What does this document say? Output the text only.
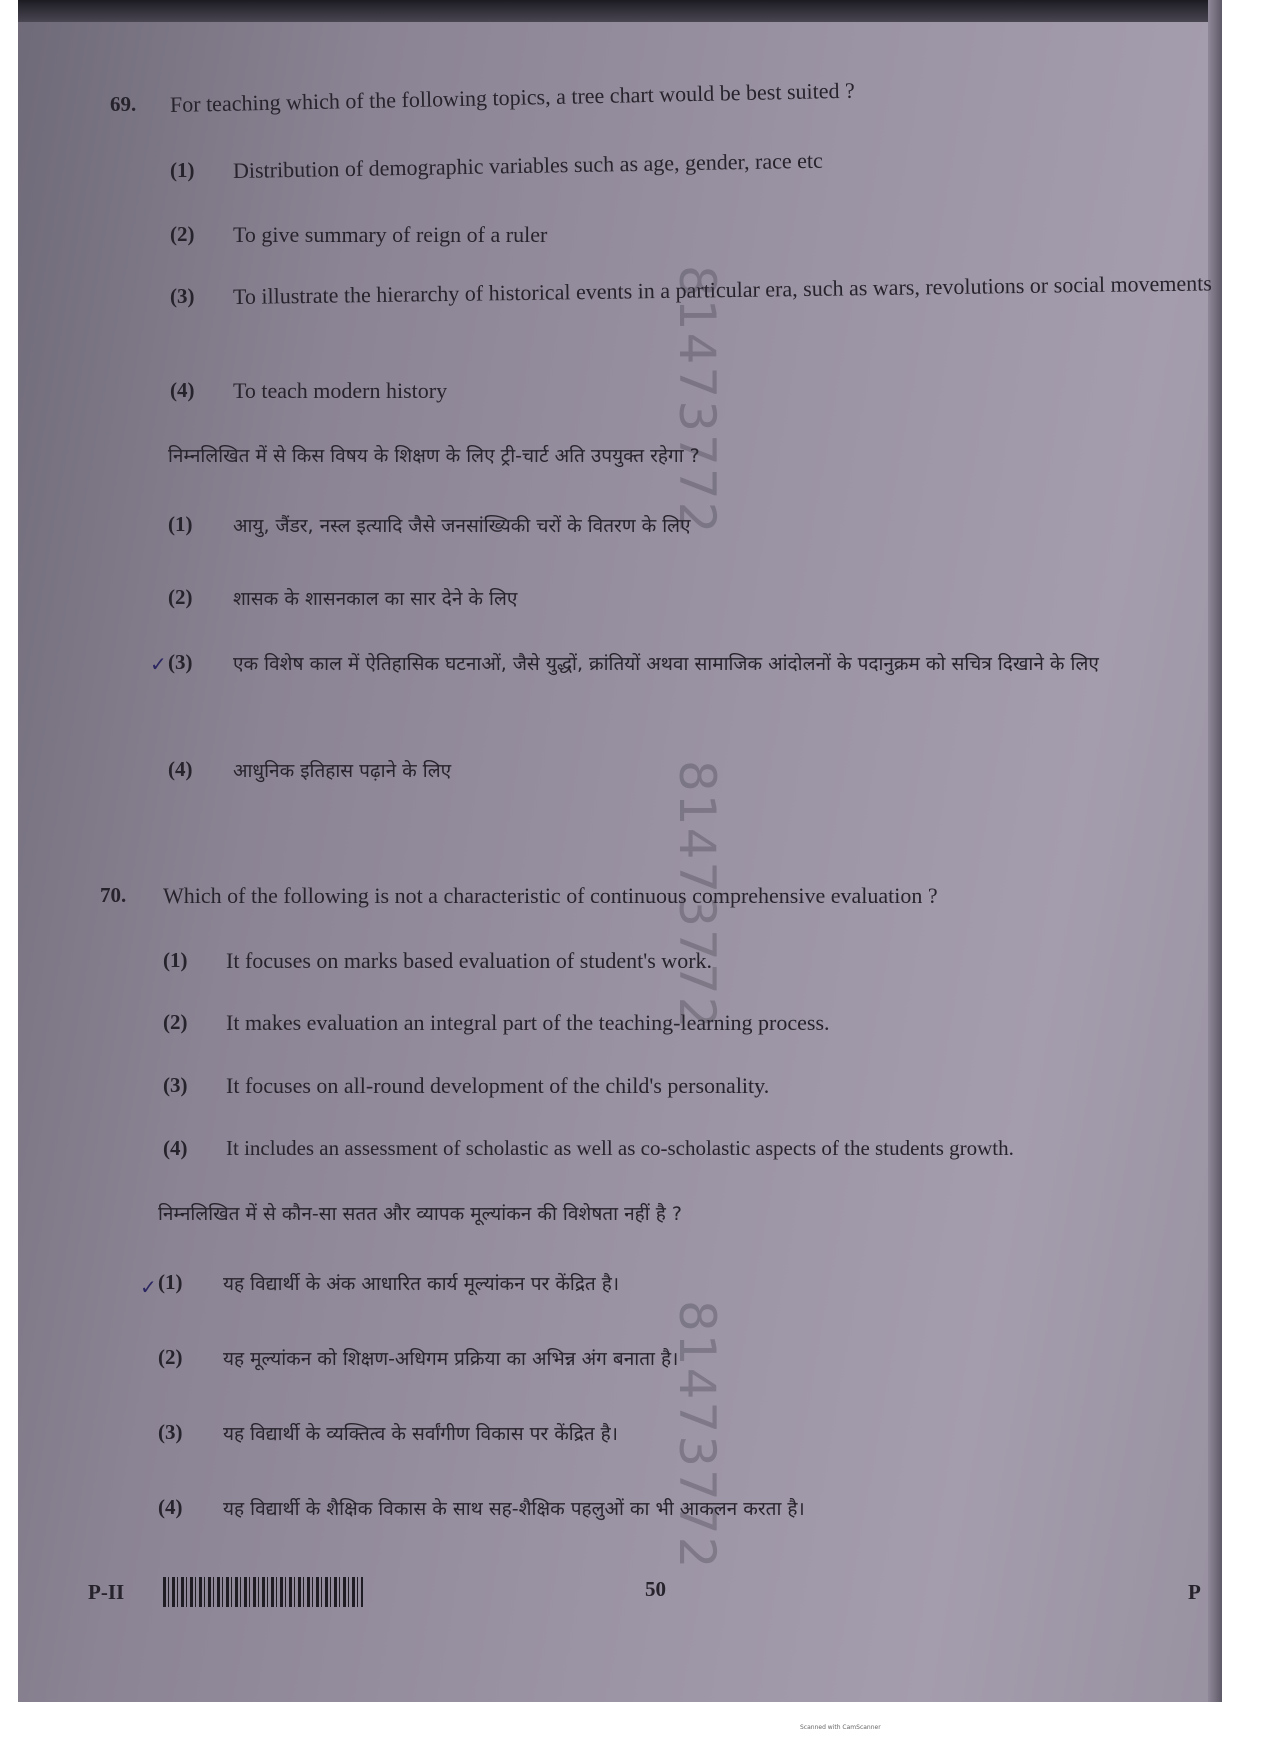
81473772
81473772
81473772
69. For teaching which of the following topics, a tree chart would be best suited ?
(1) Distribution of demographic variables such as age, gender, race etc
(2) To give summary of reign of a ruler
(3) To illustrate the hierarchy of historical events in a particular era, such as wars, revolutions or social movements
(4) To teach modern history
निम्नलिखित में से किस विषय के शिक्षण के लिए ट्री-चार्ट अति उपयुक्त रहेगा ?
(1) आयु, जैंडर, नस्ल इत्यादि जैसे जनसांख्यिकी चरों के वितरण के लिए
(2) शासक के शासनकाल का सार देने के लिए
(3)
✓	एक विशेष काल में ऐतिहासिक घटनाओं, जैसे युद्धों, क्रांतियों अथवा सामाजिक आंदोलनों के पदानुक्रम को सचित्र दिखाने के लिए
(4) आधुनिक इतिहास पढ़ाने के लिए
70. Which of the following is not a characteristic of continuous comprehensive evaluation ?
(1) It focuses on marks based evaluation of student's work.
(2) It makes evaluation an integral part of the teaching-learning process.
(3) It focuses on all-round development of the child's personality.
(4) It includes an assessment of scholastic as well as co-scholastic aspects of the students growth.
निम्नलिखित में से कौन-सा सतत और व्यापक मूल्यांकन की विशेषता नहीं है ?
(1)
✓	यह विद्यार्थी के अंक आधारित कार्य मूल्यांकन पर केंद्रित है।
(2) यह मूल्यांकन को शिक्षण-अधिगम प्रक्रिया का अभिन्न अंग बनाता है।
(3) यह विद्यार्थी के व्यक्तित्व के सर्वांगीण विकास पर केंद्रित है।
(4) यह विद्यार्थी के शैक्षिक विकास के साथ सह-शैक्षिक पहलुओं का भी आकलन करता है।
P-II	50	P
Scanned with CamScanner
